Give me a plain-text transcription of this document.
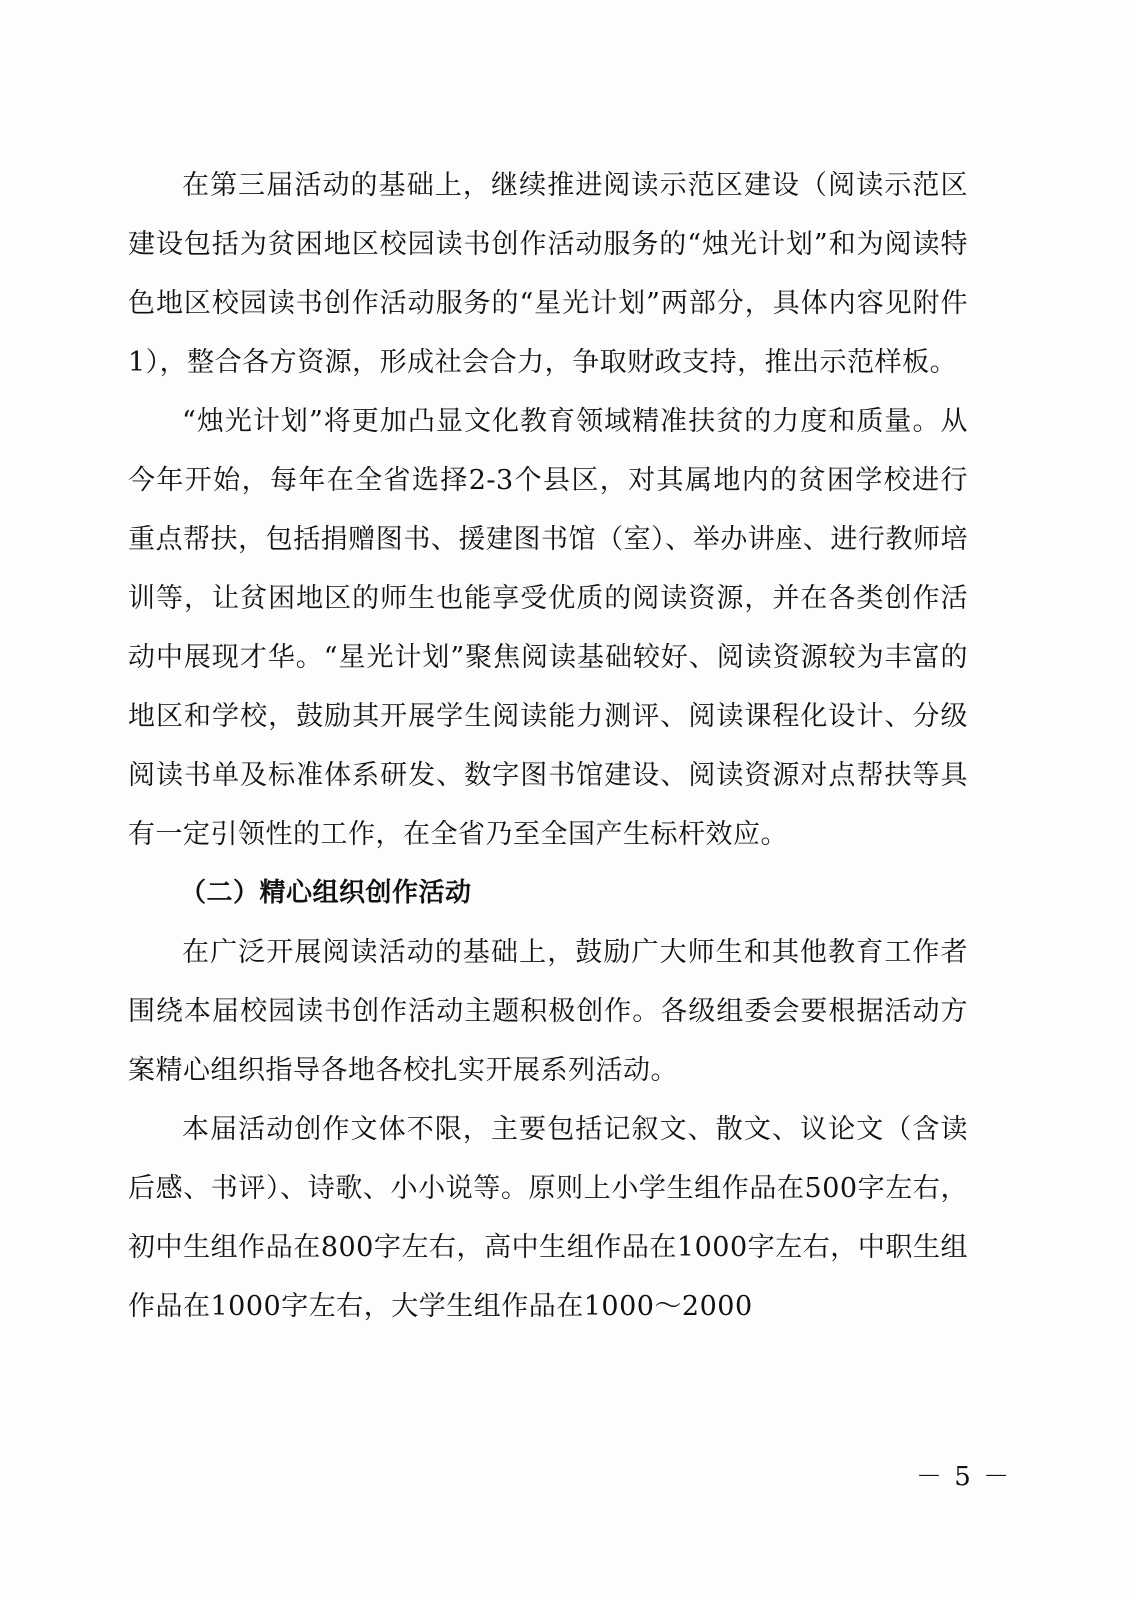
在第三届活动的基础上，继续推进阅读示范区建设（阅读示范区建设包括为贫困地区校园读书创作活动服务的“烛光计划”和为阅读特色地区校园读书创作活动服务的“星光计划”两部分，具体内容见附件1），整合各方资源，形成社会合力，争取财政支持，推出示范样板。

“烛光计划”将更加凸显文化教育领域精准扶贫的力度和质量。从今年开始，每年在全省选择2-3个县区，对其属地内的贫困学校进行重点帮扶，包括捐赠图书、援建图书馆（室）、举办讲座、进行教师培训等，让贫困地区的师生也能享受优质的阅读资源，并在各类创作活动中展现才华。“星光计划”聚焦阅读基础较好、阅读资源较为丰富的地区和学校，鼓励其开展学生阅读能力测评、阅读课程化设计、分级阅读书单及标准体系研发、数字图书馆建设、阅读资源对点帮扶等具有一定引领性的工作，在全省乃至全国产生标杆效应。

（二）精心组织创作活动

在广泛开展阅读活动的基础上，鼓励广大师生和其他教育工作者围绕本届校园读书创作活动主题积极创作。各级组委会要根据活动方案精心组织指导各地各校扎实开展系列活动。

本届活动创作文体不限，主要包括记叙文、散文、议论文（含读后感、书评）、诗歌、小小说等。原则上小学生组作品在500字左右，初中生组作品在800字左右，高中生组作品在1000字左右，中职生组作品在1000字左右，大学生组作品在1000～2000

－ 5 －
